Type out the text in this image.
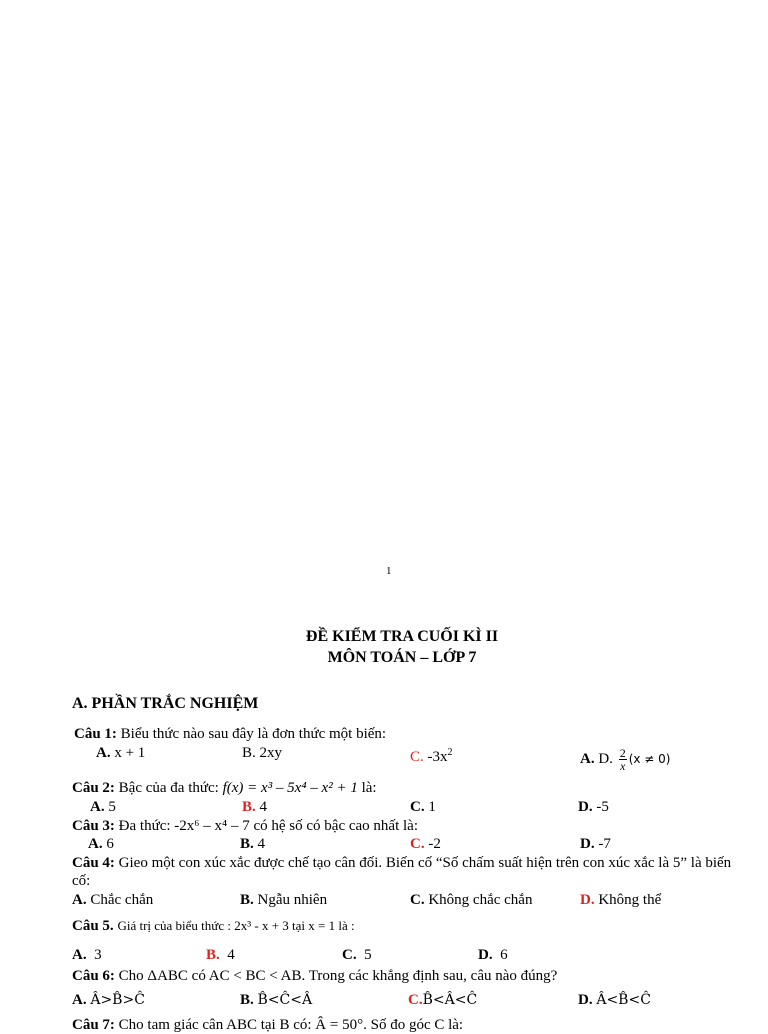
1
ĐỀ KIỂM TRA CUỐI KÌ II
MÔN TOÁN – LỚP 7
A. PHẦN TRẮC NGHIỆM
Câu 1: Biểu thức nào sau đây là đơn thức một biến:
A. x + 1	B. 2xy	C. $-3x^2$	A. D. $\frac{2}{x} (x \ne 0)$
Câu 2: Bậc của đa thức: f(x) = x³ – 5x⁴ – x² + 1 là:
A. 5	B. 4	C. 1	D. -5
Câu 3: Đa thức: -2x⁶ – x⁴ – 7 có hệ số có bậc cao nhất là:
A. 6	B. 4	C. -2	D. -7
Câu 4: Gieo một con xúc xắc được chế tạo cân đối. Biến cố “Số chấm suất hiện trên con xúc xắc là 5” là biến cố:
A. Chắc chắn	B. Ngẫu nhiên	C. Không chắc chắn	D. Không thể
Câu 5. Giá trị của biểu thức : 2x³ - x + 3 tại x = 1 là :
A. 3	B. 4	C. 5	D. 6
Câu 6: Cho ΔABC có AC < BC < AB. Trong các khẳng định sau, câu nào đúng?
A. Â>B̂>Ĉ	B. B̂<Ĉ<Â	C.B̂<Â<Ĉ	D. Â<B̂<Ĉ
Câu 7: Cho tam giác cân ABC tại B có: Â = 50°. Số đo góc C là:
